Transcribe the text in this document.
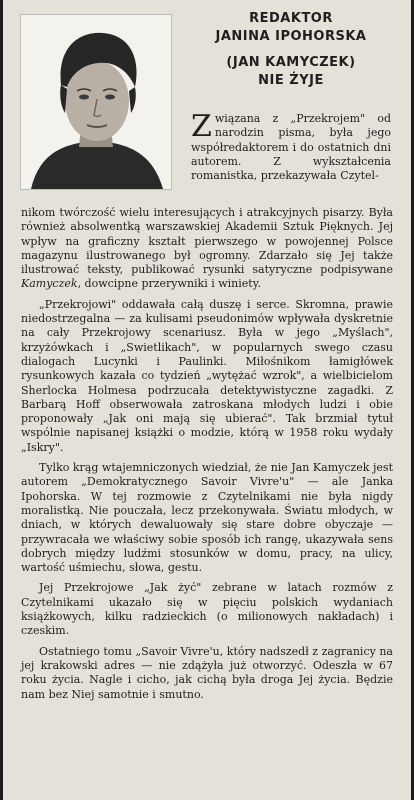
REDAKTOR
JANINA IPOHORSKA
(JAN KAMYCZEK)
NIE ŻYJE

Związana z „Przekrojem" od narodzin pisma, była jego współredaktorem i do ostatnich dni autorem. Z wykształcenia romanistka, przekazywała Czytel-

nikom twórczość wielu interesujących i atrakcyjnych pisarzy. Była również absolwentką warszawskiej Akademii Sztuk Pięknych. Jej wpływ na graficzny kształt pierwszego w powojennej Polsce magazynu ilustrowanego był ogromny. Zdarzało się Jej także ilustrować teksty, publikować rysunki satyryczne podpisywane Kamyczek, dowcipne przerywniki i winiety.

„Przekrojowi" oddawała całą duszę i serce. Skromna, prawie niedostrzegalna — za kulisami pseudonimów wpływała dyskretnie na cały Przekrojowy scenariusz. Była w jego „Myślach", krzyżówkach i „Swietlikach", w popularnych swego czasu dialogach Lucynki i Paulinki. Miłośnikom łamigłówek rysunkowych kazała co tydzień „wytężać wzrok", a wielbicielom Sherlocka Holmesa podrzucała detektywistyczne zagadki. Z Barbarą Hoff obserwowała zatroskana młodych ludzi i obie proponowały „Jak oni mają się ubierać". Tak brzmiał tytuł wspólnie napisanej książki o modzie, którą w 1958 roku wydały „Iskry".

Tylko krąg wtajemniczonych wiedział, że nie Jan Kamyczek jest autorem „Demokratycznego Savoir Vivre'u" — ale Janka Ipohorska. W tej rozmowie z Czytelnikami nie była nigdy moralistką. Nie pouczała, lecz przekonywała. Światu młodych, w dniach, w których dewaluowały się stare dobre obyczaje — przywracała we właściwy sobie sposób ich rangę, ukazywała sens dobrych między ludźmi stosunków w domu, pracy, na ulicy, wartość uśmiechu, słowa, gestu.

Jej Przekrojowe „Jak żyć" zebrane w latach rozmów z Czytelnikami ukazało się w pięciu polskich wydaniach książkowych, kilku radzieckich (o milionowych nakładach) i czeskim.

Ostatniego tomu „Savoir Vivre'u, który nadszedł z zagranicy na jej krakowski adres — nie zdążyła już otworzyć. Odeszła w 67 roku życia. Nagle i cicho, jak cichą była droga Jej życia. Będzie nam bez Niej samotnie i smutno.
